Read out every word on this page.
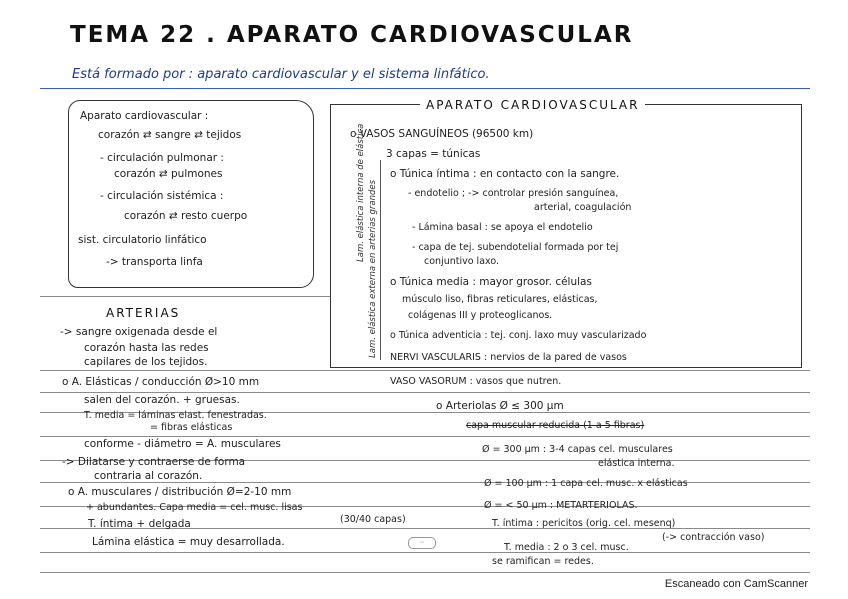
TEMA 22 . APARATO CARDIOVASCULAR
Está formado por : aparato cardiovascular y el sistema linfático.
Aparato cardiovascular :
corazón ⇄ sangre ⇄ tejidos
- circulación pulmonar :
corazón ⇄ pulmones
- circulación sistémica :
corazón ⇄ resto cuerpo
sist. circulatorio linfático
-> transporta linfa
ARTERIAS
-> sangre oxigenada desde el
corazón hasta las redes
capilares de los tejidos.
o A. Elásticas / conducción Ø>10 mm
salen del corazón. + gruesas.
T. media = láminas elast. fenestradas.
= fibras elásticas
conforme - diámetro = A. musculares
-> Dilatarse y contraerse de forma
contraria al corazón.
o A. musculares / distribución Ø=2-10 mm
+ abundantes. Capa media = cel. musc. lisas
(30/40 capas)
T. íntima + delgada
Lámina elástica = muy desarrollada.	~
APARATO CARDIOVASCULAR
Lam. elástica interna de elástica Lam. elástica externa en arterias grandes
o VASOS SANGUÍNEOS (96500 km)
3 capas = túnicas
o Túnica íntima : en contacto con la sangre.
- endotelio ; -> controlar presión sanguínea,
arterial, coagulación
- Lámina basal : se apoya el endotelio
- capa de tej. subendotelial formada por tej
conjuntivo laxo.
o Túnica media : mayor grosor. células
músculo liso, fibras reticulares, elásticas,
colágenas III y proteoglicanos.
o Túnica adventicia : tej. conj. laxo muy vascularizado
NERVI VASCULARIS : nervios de la pared de vasos
VASO VASORUM : vasos que nutren.
o Arteriolas Ø ≤ 300 µm
capa muscular reducida (1 a 5 fibras)
Ø = 300 µm : 3-4 capas cel. musculares
elástica interna.
Ø = 100 µm : 1 capa cel. musc. x elásticas
Ø = < 50 µm : METARTERIOLAS.
T. íntima : pericitos (orig. cel. mesenq)
(-> contracción vaso)
T. media : 2 o 3 cel. musc.
se ramifican = redes.
Escaneado con CamScanner
